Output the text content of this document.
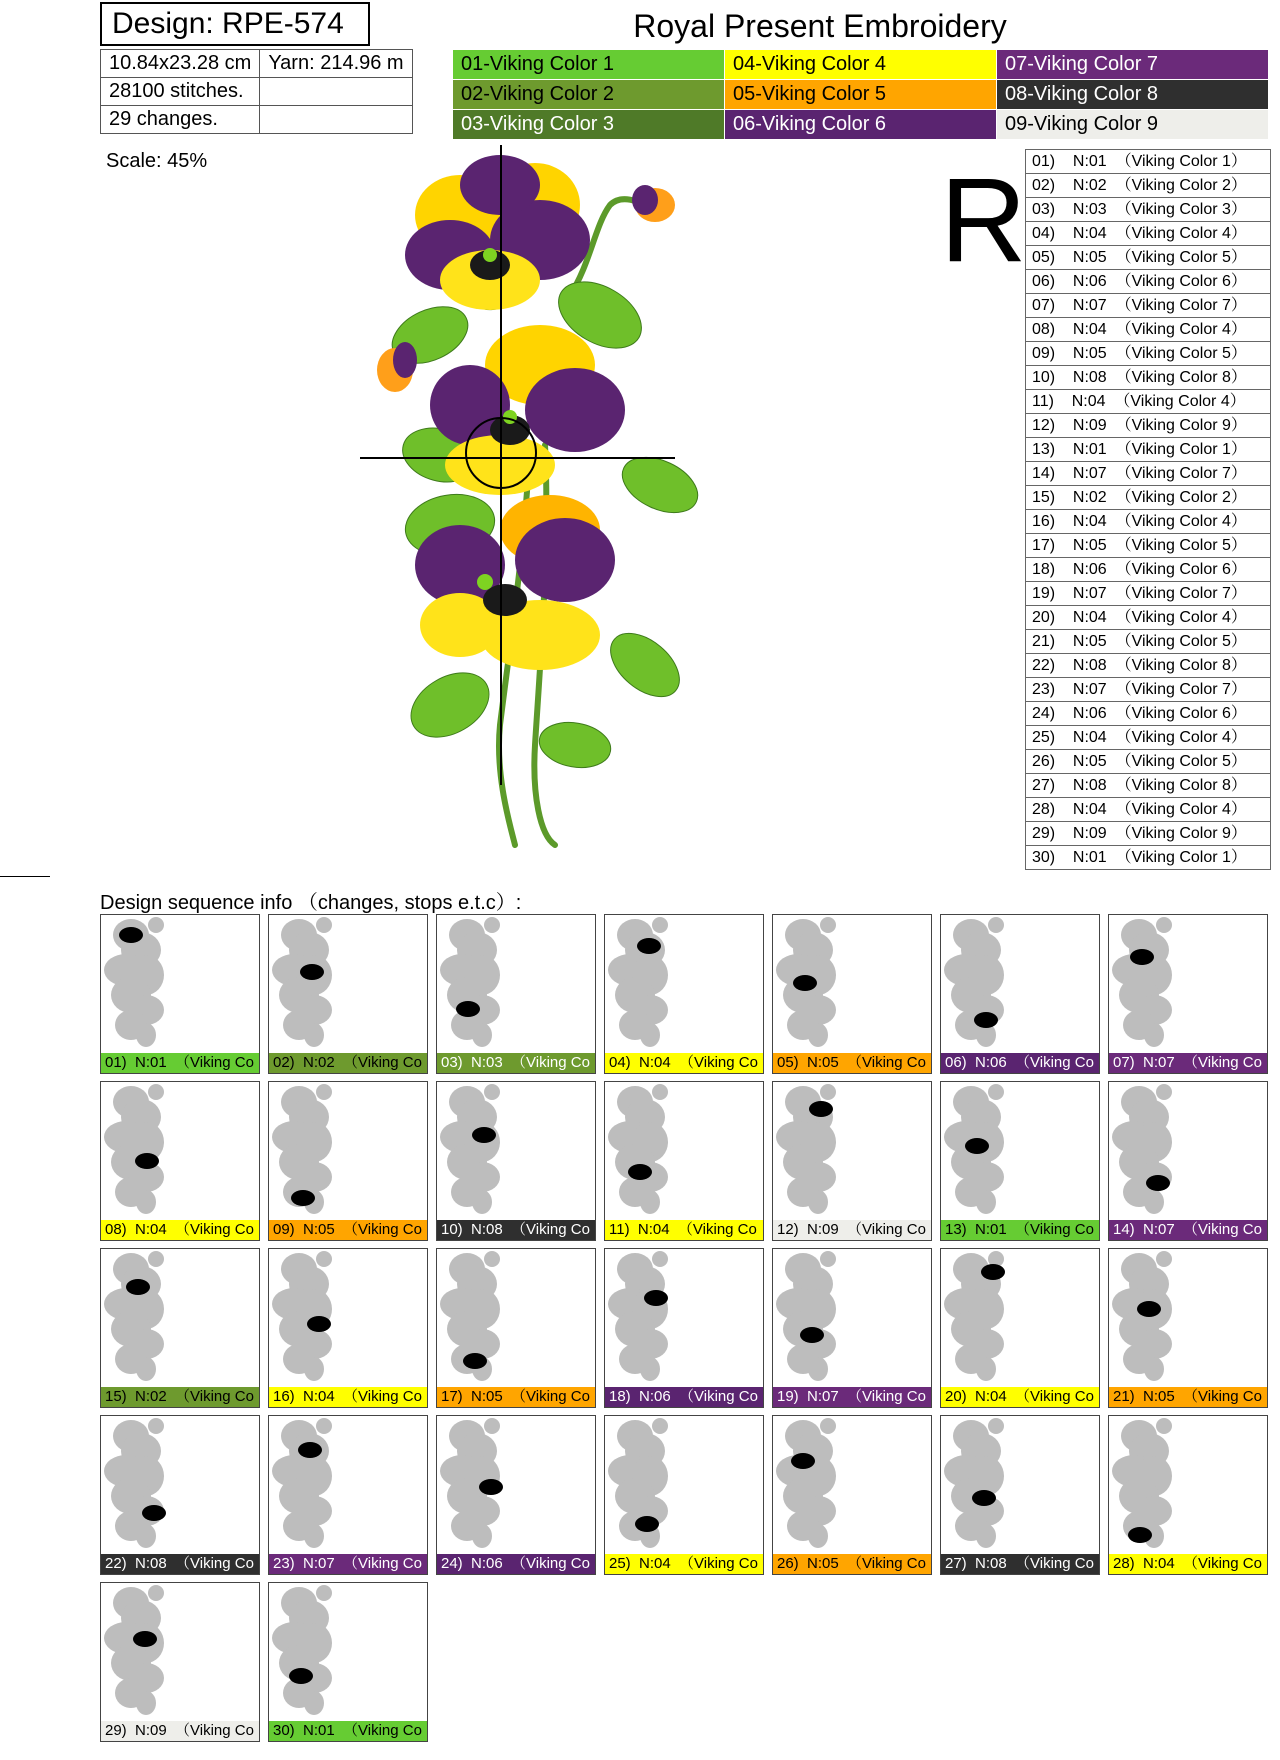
Design: RPE-574	Royal Present Embroidery
10.84x23.28 cm	Yarn: 214.96 m
28100 stitches.	
29 changes.	
01-Viking Color 1	04-Viking Color 4	07-Viking Color 7
02-Viking Color 2	05-Viking Color 5	08-Viking Color 8
03-Viking Color 3	06-Viking Color 6	09-Viking Color 9
Scale: 45%	R 01)    N:01  （Viking Color 1）
02)    N:02  （Viking Color 2）
03)    N:03  （Viking Color 3）
04)    N:04  （Viking Color 4）
05)    N:05  （Viking Color 5）
06)    N:06  （Viking Color 6）
07)    N:07  （Viking Color 7）
08)    N:04  （Viking Color 4）
09)    N:05  （Viking Color 5）
10)    N:08  （Viking Color 8）
11)    N:04  （Viking Color 4）
12)    N:09  （Viking Color 9）
13)    N:01  （Viking Color 1）
14)    N:07  （Viking Color 7）
15)    N:02  （Viking Color 2）
16)    N:04  （Viking Color 4）
17)    N:05  （Viking Color 5）
18)    N:06  （Viking Color 6）
19)    N:07  （Viking Color 7）
20)    N:04  （Viking Color 4）
21)    N:05  （Viking Color 5）
22)    N:08  （Viking Color 8）
23)    N:07  （Viking Color 7）
24)    N:06  （Viking Color 6）
25)    N:04  （Viking Color 4）
26)    N:05  （Viking Color 5）
27)    N:08  （Viking Color 8）
28)    N:04  （Viking Color 4）
29)    N:09  （Viking Color 9）
30)    N:01  （Viking Color 1）
Design sequence info （changes, stops e.t.c）:
01)  N:01  （Viking Co	02)  N:02  （Viking Co	03)  N:03  （Viking Co	04)  N:04  （Viking Co	05)  N:05  （Viking Co	06)  N:06  （Viking Co	07)  N:07  （Viking Co
08)  N:04  （Viking Co	09)  N:05  （Viking Co	10)  N:08  （Viking Co	11)  N:04  （Viking Co	12)  N:09  （Viking Co	13)  N:01  （Viking Co	14)  N:07  （Viking Co
15)  N:02  （Viking Co	16)  N:04  （Viking Co	17)  N:05  （Viking Co	18)  N:06  （Viking Co	19)  N:07  （Viking Co	20)  N:04  （Viking Co	21)  N:05  （Viking Co
22)  N:08  （Viking Co	23)  N:07  （Viking Co	24)  N:06  （Viking Co	25)  N:04  （Viking Co	26)  N:05  （Viking Co	27)  N:08  （Viking Co	28)  N:04  （Viking Co
29)  N:09  （Viking Co	30)  N:01  （Viking Co
